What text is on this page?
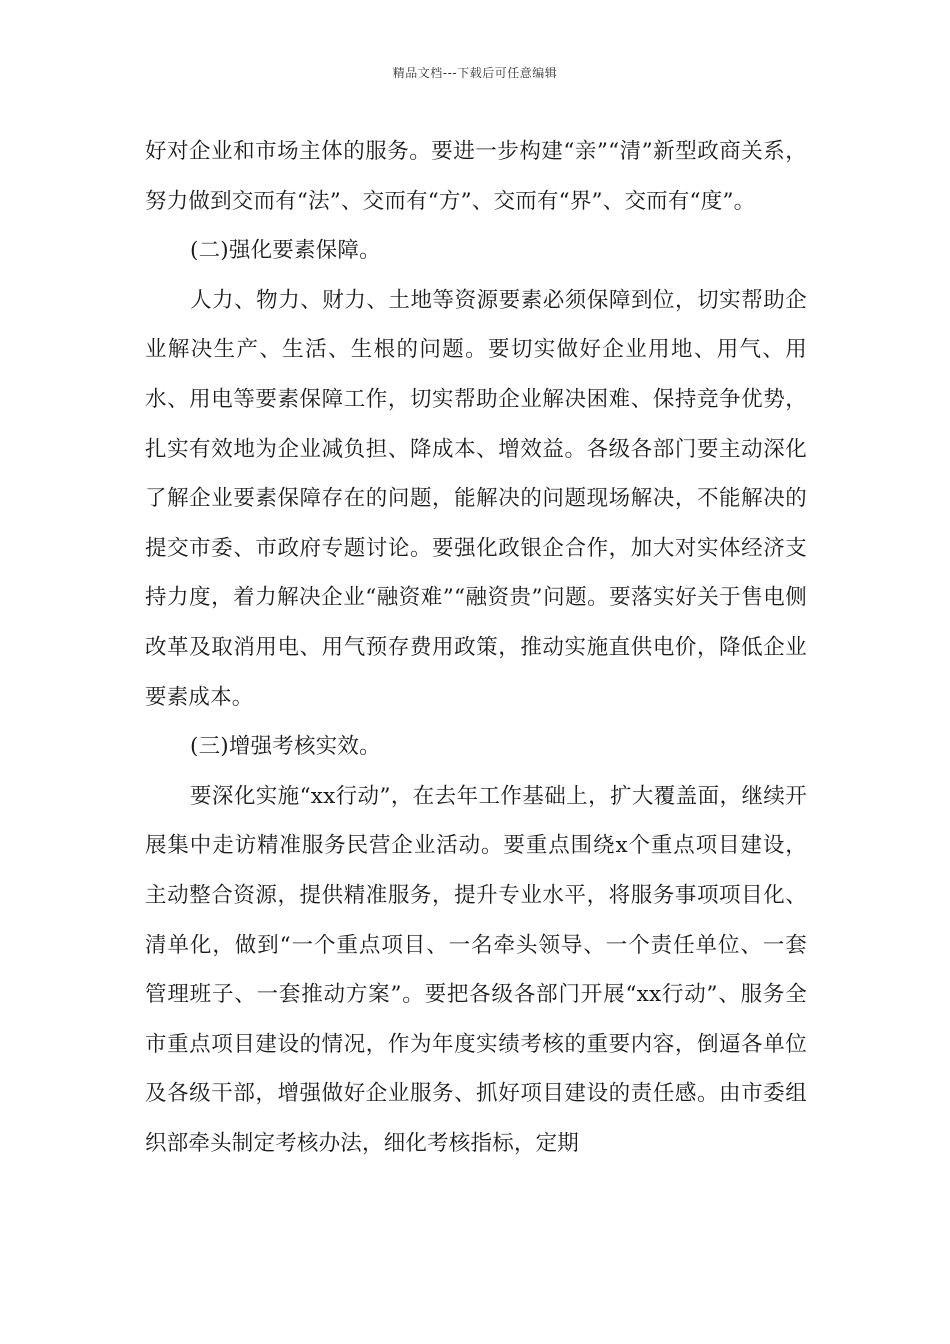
精品文档---下载后可任意编辑

好对企业和市场主体的服务。要进一步构建“亲”“清”新型政商关系，努力做到交而有“法”、交而有“方”、交而有“界”、交而有“度”。

(二)强化要素保障。

人力、物力、财力、土地等资源要素必须保障到位，切实帮助企业解决生产、生活、生根的问题。要切实做好企业用地、用气、用水、用电等要素保障工作，切实帮助企业解决困难、保持竞争优势，扎实有效地为企业减负担、降成本、增效益。各级各部门要主动深化了解企业要素保障存在的问题，能解决的问题现场解决，不能解决的提交市委、市政府专题讨论。要强化政银企合作，加大对实体经济支持力度，着力解决企业“融资难”“融资贵”问题。要落实好关于售电侧改革及取消用电、用气预存费用政策，推动实施直供电价，降低企业要素成本。

(三)增强考核实效。

要深化实施“xx行动”，在去年工作基础上，扩大覆盖面，继续开展集中走访精准服务民营企业活动。要重点围绕x个重点项目建设，主动整合资源，提供精准服务，提升专业水平，将服务事项项目化、清单化，做到“一个重点项目、一名牵头领导、一个责任单位、一套管理班子、一套推动方案”。要把各级各部门开展“xx行动”、服务全市重点项目建设的情况，作为年度实绩考核的重要内容，倒逼各单位及各级干部，增强做好企业服务、抓好项目建设的责任感。由市委组织部牵头制定考核办法，细化考核指标，定期
